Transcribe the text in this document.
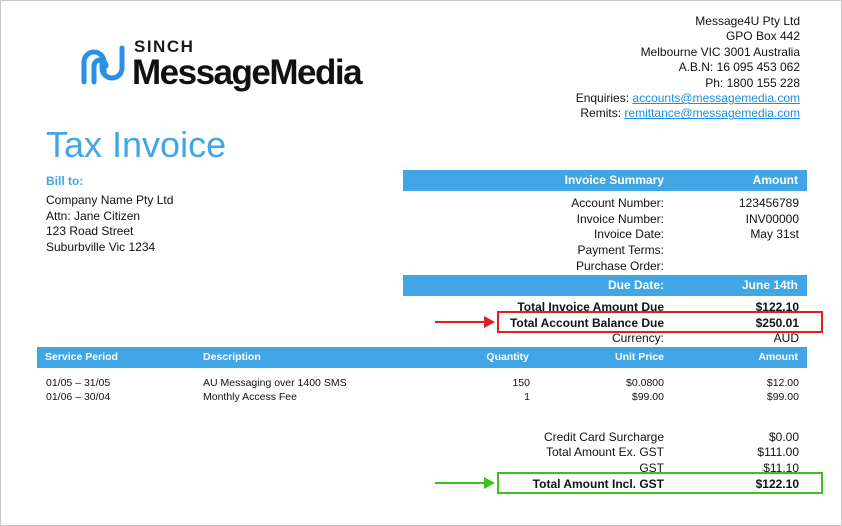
SINCH
MessageMedia
Message4U Pty Ltd
GPO Box 442
Melbourne VIC 3001 Australia
A.B.N: 16 095 453 062
Ph: 1800 155 228
Enquiries: accounts@messagemedia.com
Remits: remittance@messagemedia.com
Tax Invoice
Bill to:
Company Name Pty Ltd
Attn: Jane Citizen
123 Road Street
Suburbville Vic 1234
Invoice Summary	Amount
Account Number:	123456789
Invoice Number:	INV00000
Invoice Date:	May 31st
Payment Terms:
Purchase Order:
Due Date:	June 14th
Total Invoice Amount Due	$122.10
Total Account Balance Due	$250.01
Currency:	AUD
Service Period	Description	Quantity	Unit Price	Amount
01/05 – 31/05	AU Messaging over 1400 SMS	150	$0.0800	$12.00
01/06 – 30/04	Monthly Access Fee	1	$99.00	$99.00
Credit Card Surcharge	$0.00
Total Amount Ex. GST	$111.00
GST	$11.10
Total Amount Incl. GST	$122.10
